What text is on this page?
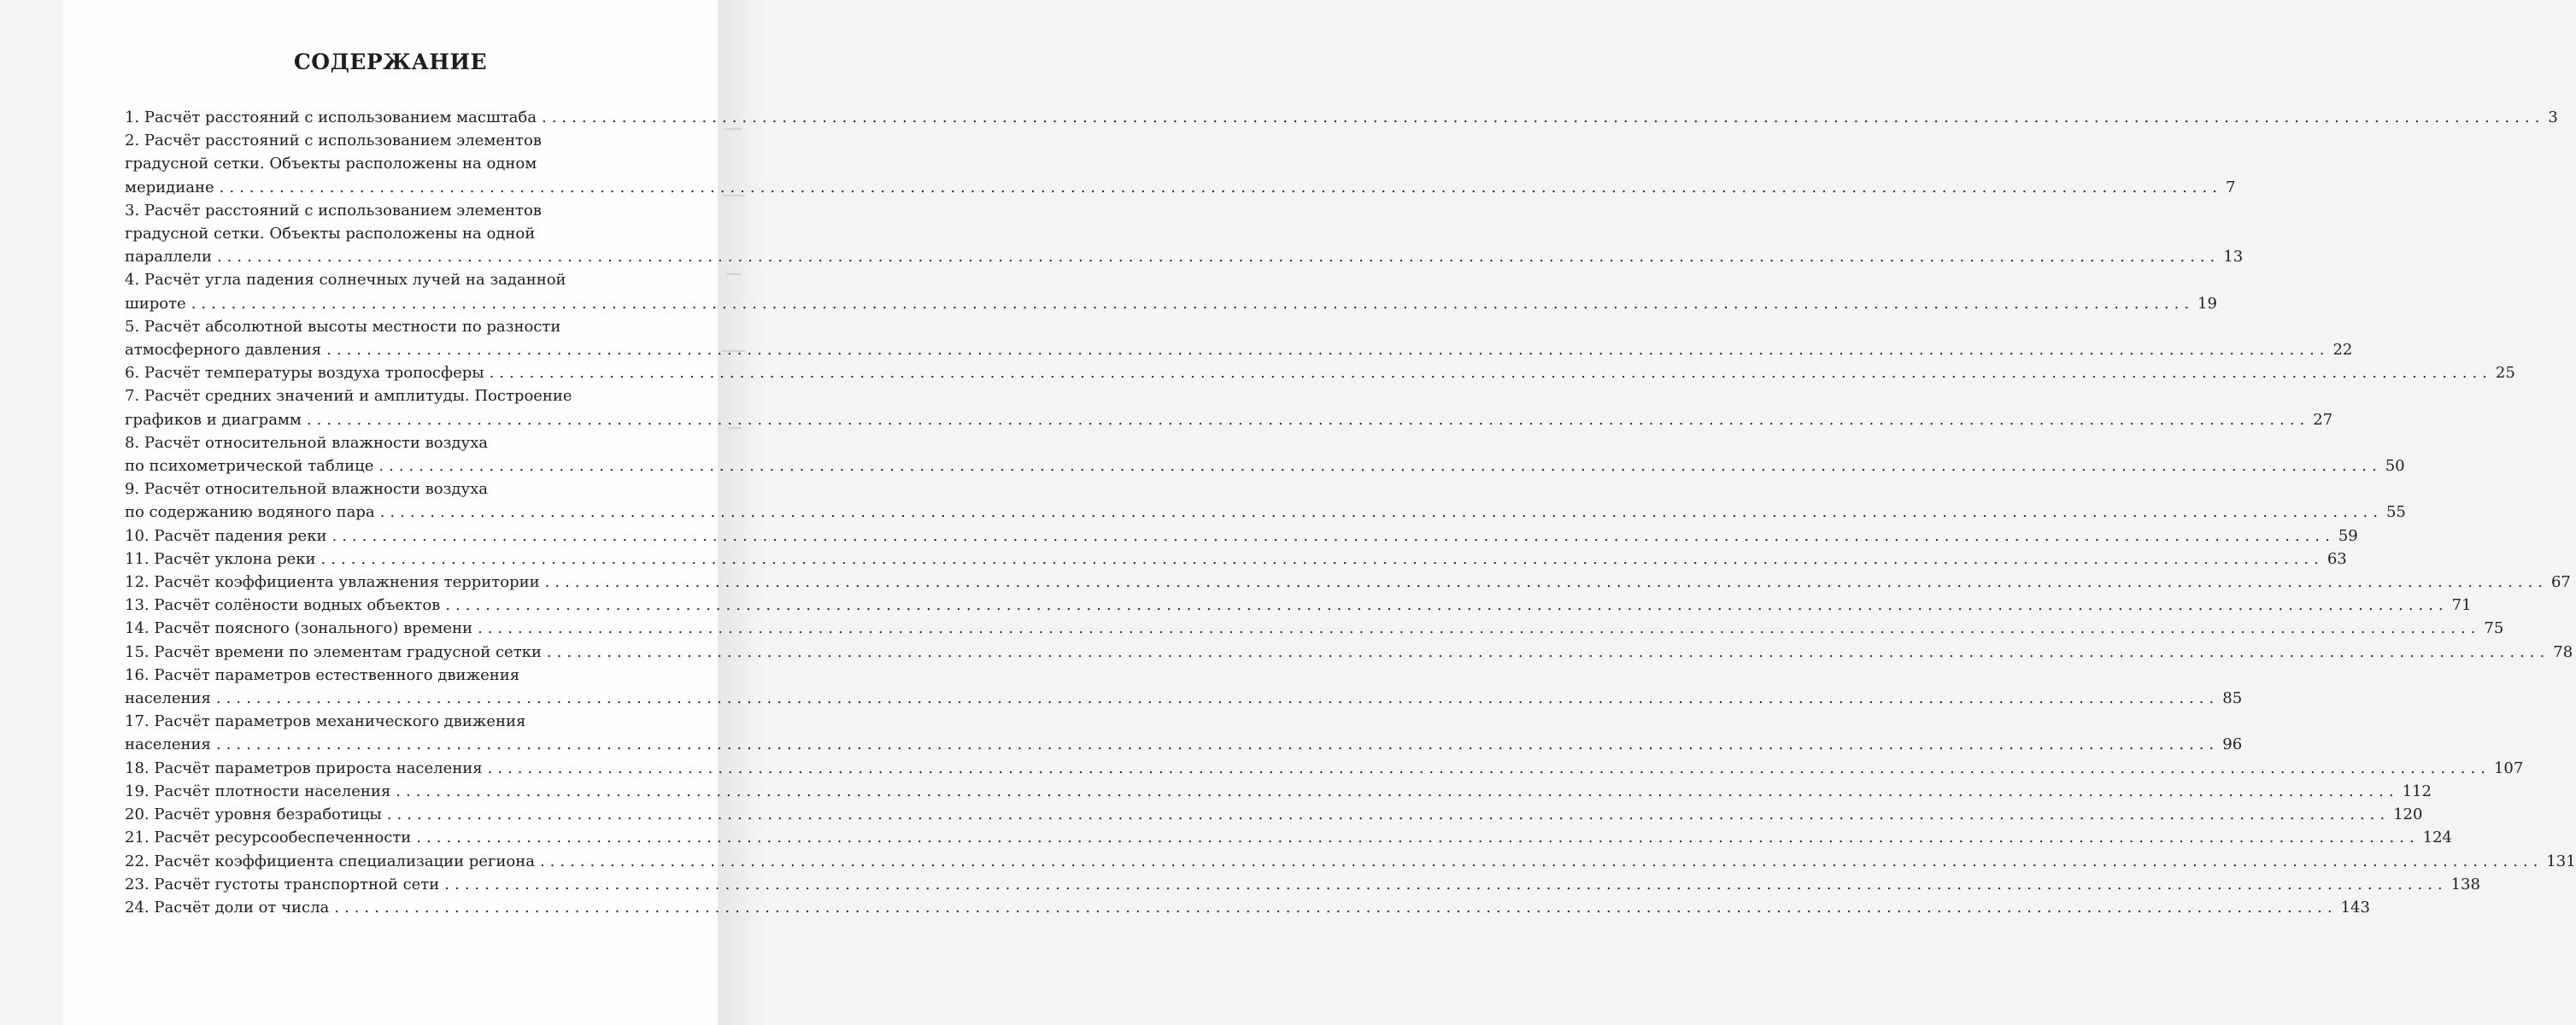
СОДЕРЖАНИЕ
1. Расчёт расстояний с использованием масштаба ........................................................................................................................................................................................................ 3
2. Расчёт расстояний с использованием элементов
градусной сетки. Объекты расположены на одном
меридиане ........................................................................................................................................................................................................ 7
3. Расчёт расстояний с использованием элементов
градусной сетки. Объекты расположены на одной
параллели ........................................................................................................................................................................................................ 13
4. Расчёт угла падения солнечных лучей на заданной
широте ........................................................................................................................................................................................................ 19
5. Расчёт абсолютной высоты местности по разности
атмосферного давления ........................................................................................................................................................................................................ 22
6. Расчёт температуры воздуха тропосферы ........................................................................................................................................................................................................ 25
7. Расчёт средних значений и амплитуды. Построение
графиков и диаграмм ........................................................................................................................................................................................................ 27
8. Расчёт относительной влажности воздуха
по психометрической таблице ........................................................................................................................................................................................................ 50
9. Расчёт относительной влажности воздуха
по содержанию водяного пара ........................................................................................................................................................................................................ 55
10. Расчёт падения реки ........................................................................................................................................................................................................ 59
11. Расчёт уклона реки ........................................................................................................................................................................................................ 63
12. Расчёт коэффициента увлажнения территории ........................................................................................................................................................................................................ 67
13. Расчёт солёности водных объектов ........................................................................................................................................................................................................ 71
14. Расчёт поясного (зонального) времени ........................................................................................................................................................................................................ 75
15. Расчёт времени по элементам градусной сетки ........................................................................................................................................................................................................ 78
16. Расчёт параметров естественного движения
населения ........................................................................................................................................................................................................ 85
17. Расчёт параметров механического движения
населения ........................................................................................................................................................................................................ 96
18. Расчёт параметров прироста населения ........................................................................................................................................................................................................ 107
19. Расчёт плотности населения ........................................................................................................................................................................................................ 112
20. Расчёт уровня безработицы ........................................................................................................................................................................................................ 120
21. Расчёт ресурсообеспеченности ........................................................................................................................................................................................................ 124
22. Расчёт коэффициента специализации региона ........................................................................................................................................................................................................ 131
23. Расчёт густоты транспортной сети ........................................................................................................................................................................................................ 138
24. Расчёт доли от числа ........................................................................................................................................................................................................ 143
